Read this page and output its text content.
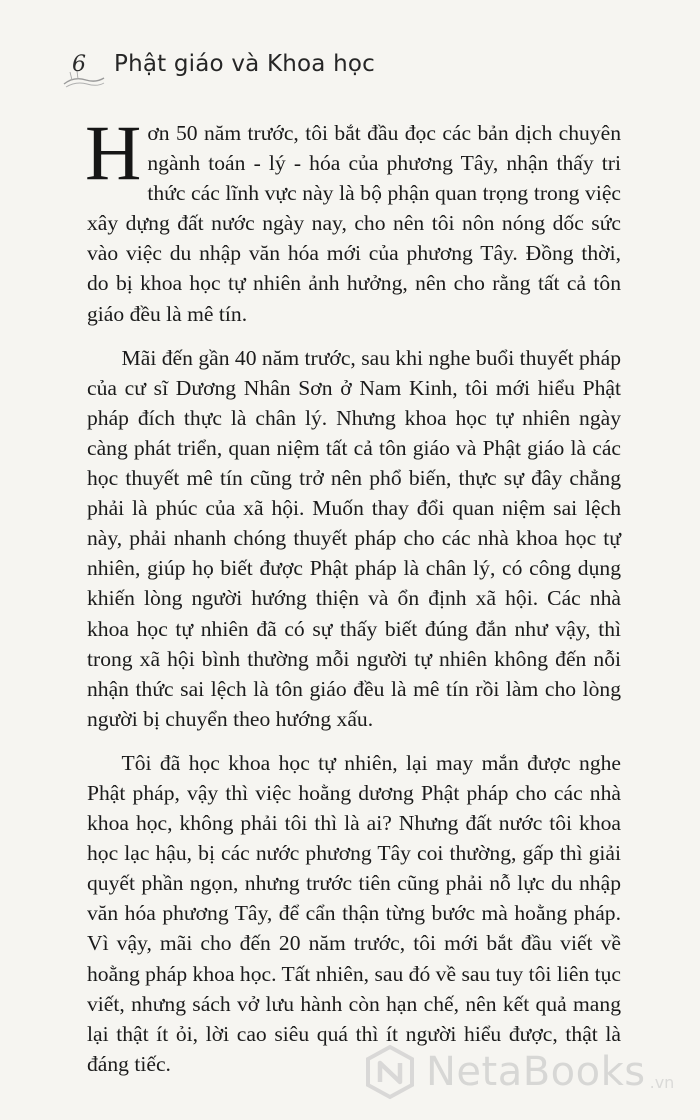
6 Phật giáo và Khoa học

H ơn 50 năm trước, tôi bắt đầu đọc các bản dịch chuyên ngành toán - lý - hóa của phương Tây, nhận thấy tri thức các lĩnh vực này là bộ phận quan trọng trong việc xây dựng đất nước ngày nay, cho nên tôi nôn nóng dốc sức vào việc du nhập văn hóa mới của phương Tây. Đồng thời, do bị khoa học tự nhiên ảnh hưởng, nên cho rằng tất cả tôn giáo đều là mê tín.

Mãi đến gần 40 năm trước, sau khi nghe buổi thuyết pháp của cư sĩ Dương Nhân Sơn ở Nam Kinh, tôi mới hiểu Phật pháp đích thực là chân lý. Nhưng khoa học tự nhiên ngày càng phát triển, quan niệm tất cả tôn giáo và Phật giáo là các học thuyết mê tín cũng trở nên phổ biến, thực sự đây chẳng phải là phúc của xã hội. Muốn thay đổi quan niệm sai lệch này, phải nhanh chóng thuyết pháp cho các nhà khoa học tự nhiên, giúp họ biết được Phật pháp là chân lý, có công dụng khiến lòng người hướng thiện và ổn định xã hội. Các nhà khoa học tự nhiên đã có sự thấy biết đúng đắn như vậy, thì trong xã hội bình thường mỗi người tự nhiên không đến nỗi nhận thức sai lệch là tôn giáo đều là mê tín rồi làm cho lòng người bị chuyển theo hướng xấu.

Tôi đã học khoa học tự nhiên, lại may mắn được nghe Phật pháp, vậy thì việc hoằng dương Phật pháp cho các nhà khoa học, không phải tôi thì là ai? Nhưng đất nước tôi khoa học lạc hậu, bị các nước phương Tây coi thường, gấp thì giải quyết phần ngọn, nhưng trước tiên cũng phải nỗ lực du nhập văn hóa phương Tây, để cẩn thận từng bước mà hoằng pháp. Vì vậy, mãi cho đến 20 năm trước, tôi mới bắt đầu viết về hoằng pháp khoa học. Tất nhiên, sau đó về sau tuy tôi liên tục viết, nhưng sách vở lưu hành còn hạn chế, nên kết quả mang lại thật ít ỏi, lời cao siêu quá thì ít người hiểu được, thật là đáng tiếc.	NetaBooks .vn
